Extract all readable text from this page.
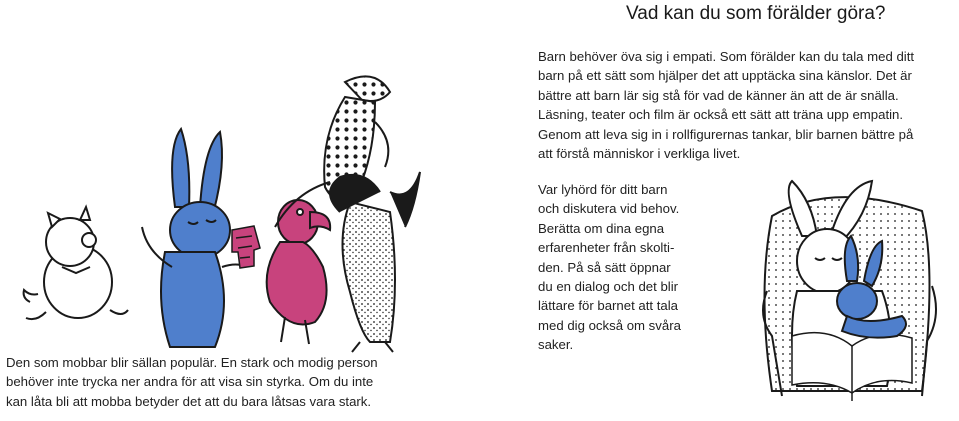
Vad kan du som förälder göra?
Barn behöver öva sig i empati. Som förälder kan du tala med ditt
barn på ett sätt som hjälper det att upptäcka sina känslor. Det är
bättre att barn lär sig stå för vad de känner än att de är snälla.
Läsning, teater och film är också ett sätt att träna upp empatin.
Genom att leva sig in i rollfigurernas tankar, blir barnen bättre på
att förstå människor i verkliga livet.
Var lyhörd för ditt barn
och diskutera vid behov.
Berätta om dina egna
erfarenheter från skolti-
den. På så sätt öppnar
du en dialog och det blir
lättare för barnet att tala
med dig också om svåra
saker.
Den som mobbar blir sällan populär. En stark och modig person
behöver inte trycka ner andra för att visa sin styrka. Om du inte
kan låta bli att mobba betyder det att du bara låtsas vara stark.
